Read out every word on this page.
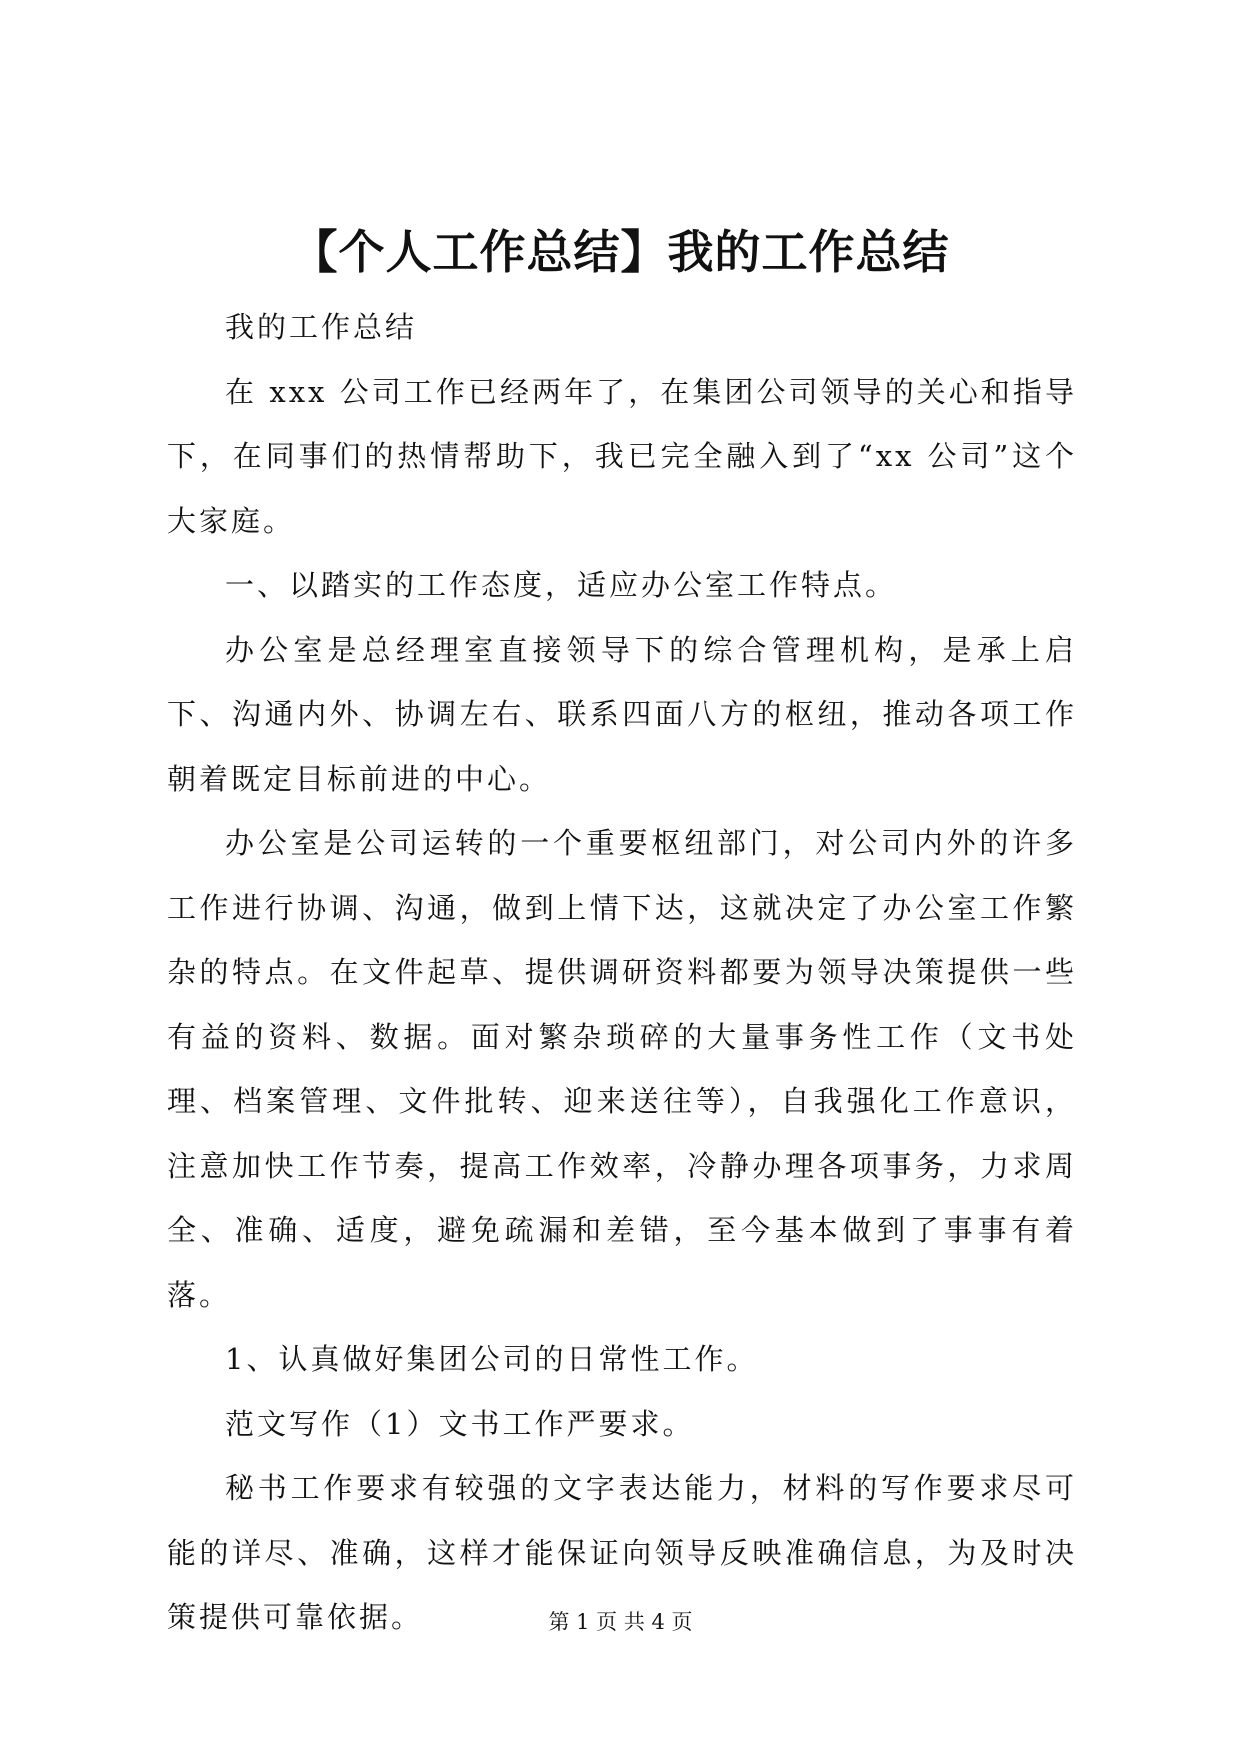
【个人工作总结】我的工作总结

我的工作总结

在 xxx 公司工作已经两年了，在集团公司领导的关心和指导下，在同事们的热情帮助下，我已完全融入到了“xx 公司”这个大家庭。

一、以踏实的工作态度，适应办公室工作特点。

办公室是总经理室直接领导下的综合管理机构，是承上启下、沟通内外、协调左右、联系四面八方的枢纽，推动各项工作朝着既定目标前进的中心。

办公室是公司运转的一个重要枢纽部门，对公司内外的许多工作进行协调、沟通，做到上情下达，这就决定了办公室工作繁杂的特点。在文件起草、提供调研资料都要为领导决策提供一些有益的资料、数据。面对繁杂琐碎的大量事务性工作（文书处理、档案管理、文件批转、迎来送往等），自我强化工作意识，注意加快工作节奏，提高工作效率，冷静办理各项事务，力求周全、准确、适度，避免疏漏和差错，至今基本做到了事事有着落。

1、认真做好集团公司的日常性工作。

范文写作（1）文书工作严要求。

秘书工作要求有较强的文字表达能力，材料的写作要求尽可能的详尽、准确，这样才能保证向领导反映准确信息，为及时决策提供可靠依据。	第 1 页 共 4 页
